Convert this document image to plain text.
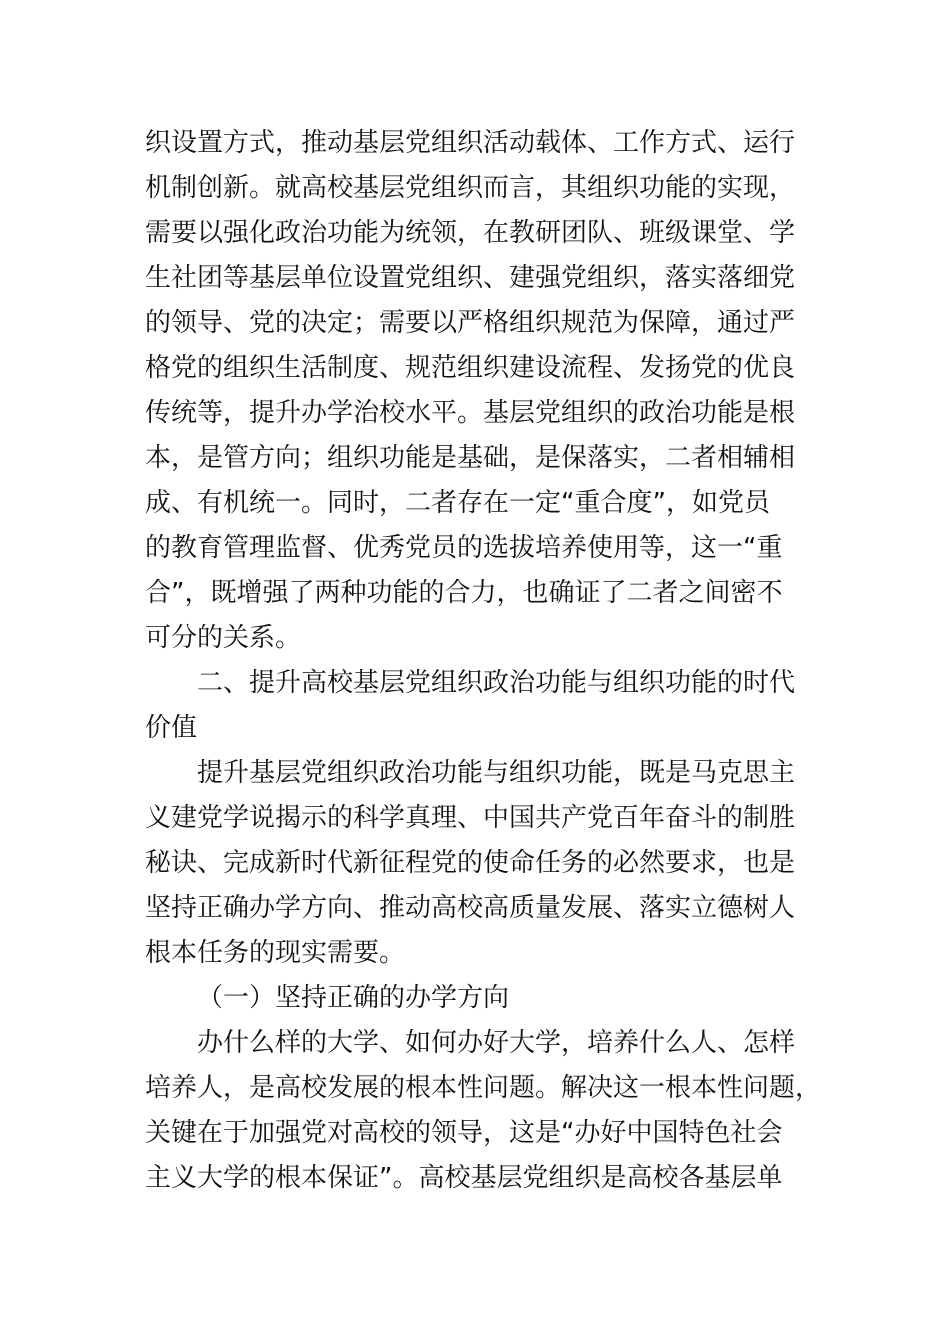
织设置方式，推动基层党组织活动载体、工作方式、运行
机制创新。就高校基层党组织而言，其组织功能的实现，
需要以强化政治功能为统领，在教研团队、班级课堂、学
生社团等基层单位设置党组织、建强党组织，落实落细党
的领导、党的决定；需要以严格组织规范为保障，通过严
格党的组织生活制度、规范组织建设流程、发扬党的优良
传统等，提升办学治校水平。基层党组织的政治功能是根
本，是管方向；组织功能是基础，是保落实，二者相辅相
成、有机统一。同时，二者存在一定“重合度”，如党员
的教育管理监督、优秀党员的选拔培养使用等，这一“重
合”，既增强了两种功能的合力，也确证了二者之间密不
可分的关系。
二、提升高校基层党组织政治功能与组织功能的时代
价值
提升基层党组织政治功能与组织功能，既是马克思主
义建党学说揭示的科学真理、中国共产党百年奋斗的制胜
秘诀、完成新时代新征程党的使命任务的必然要求，也是
坚持正确办学方向、推动高校高质量发展、落实立德树人
根本任务的现实需要。
（一）坚持正确的办学方向
办什么样的大学、如何办好大学，培养什么人、怎样
培养人，是高校发展的根本性问题。解决这一根本性问题，
关键在于加强党对高校的领导，这是“办好中国特色社会
主义大学的根本保证”。高校基层党组织是高校各基层单
